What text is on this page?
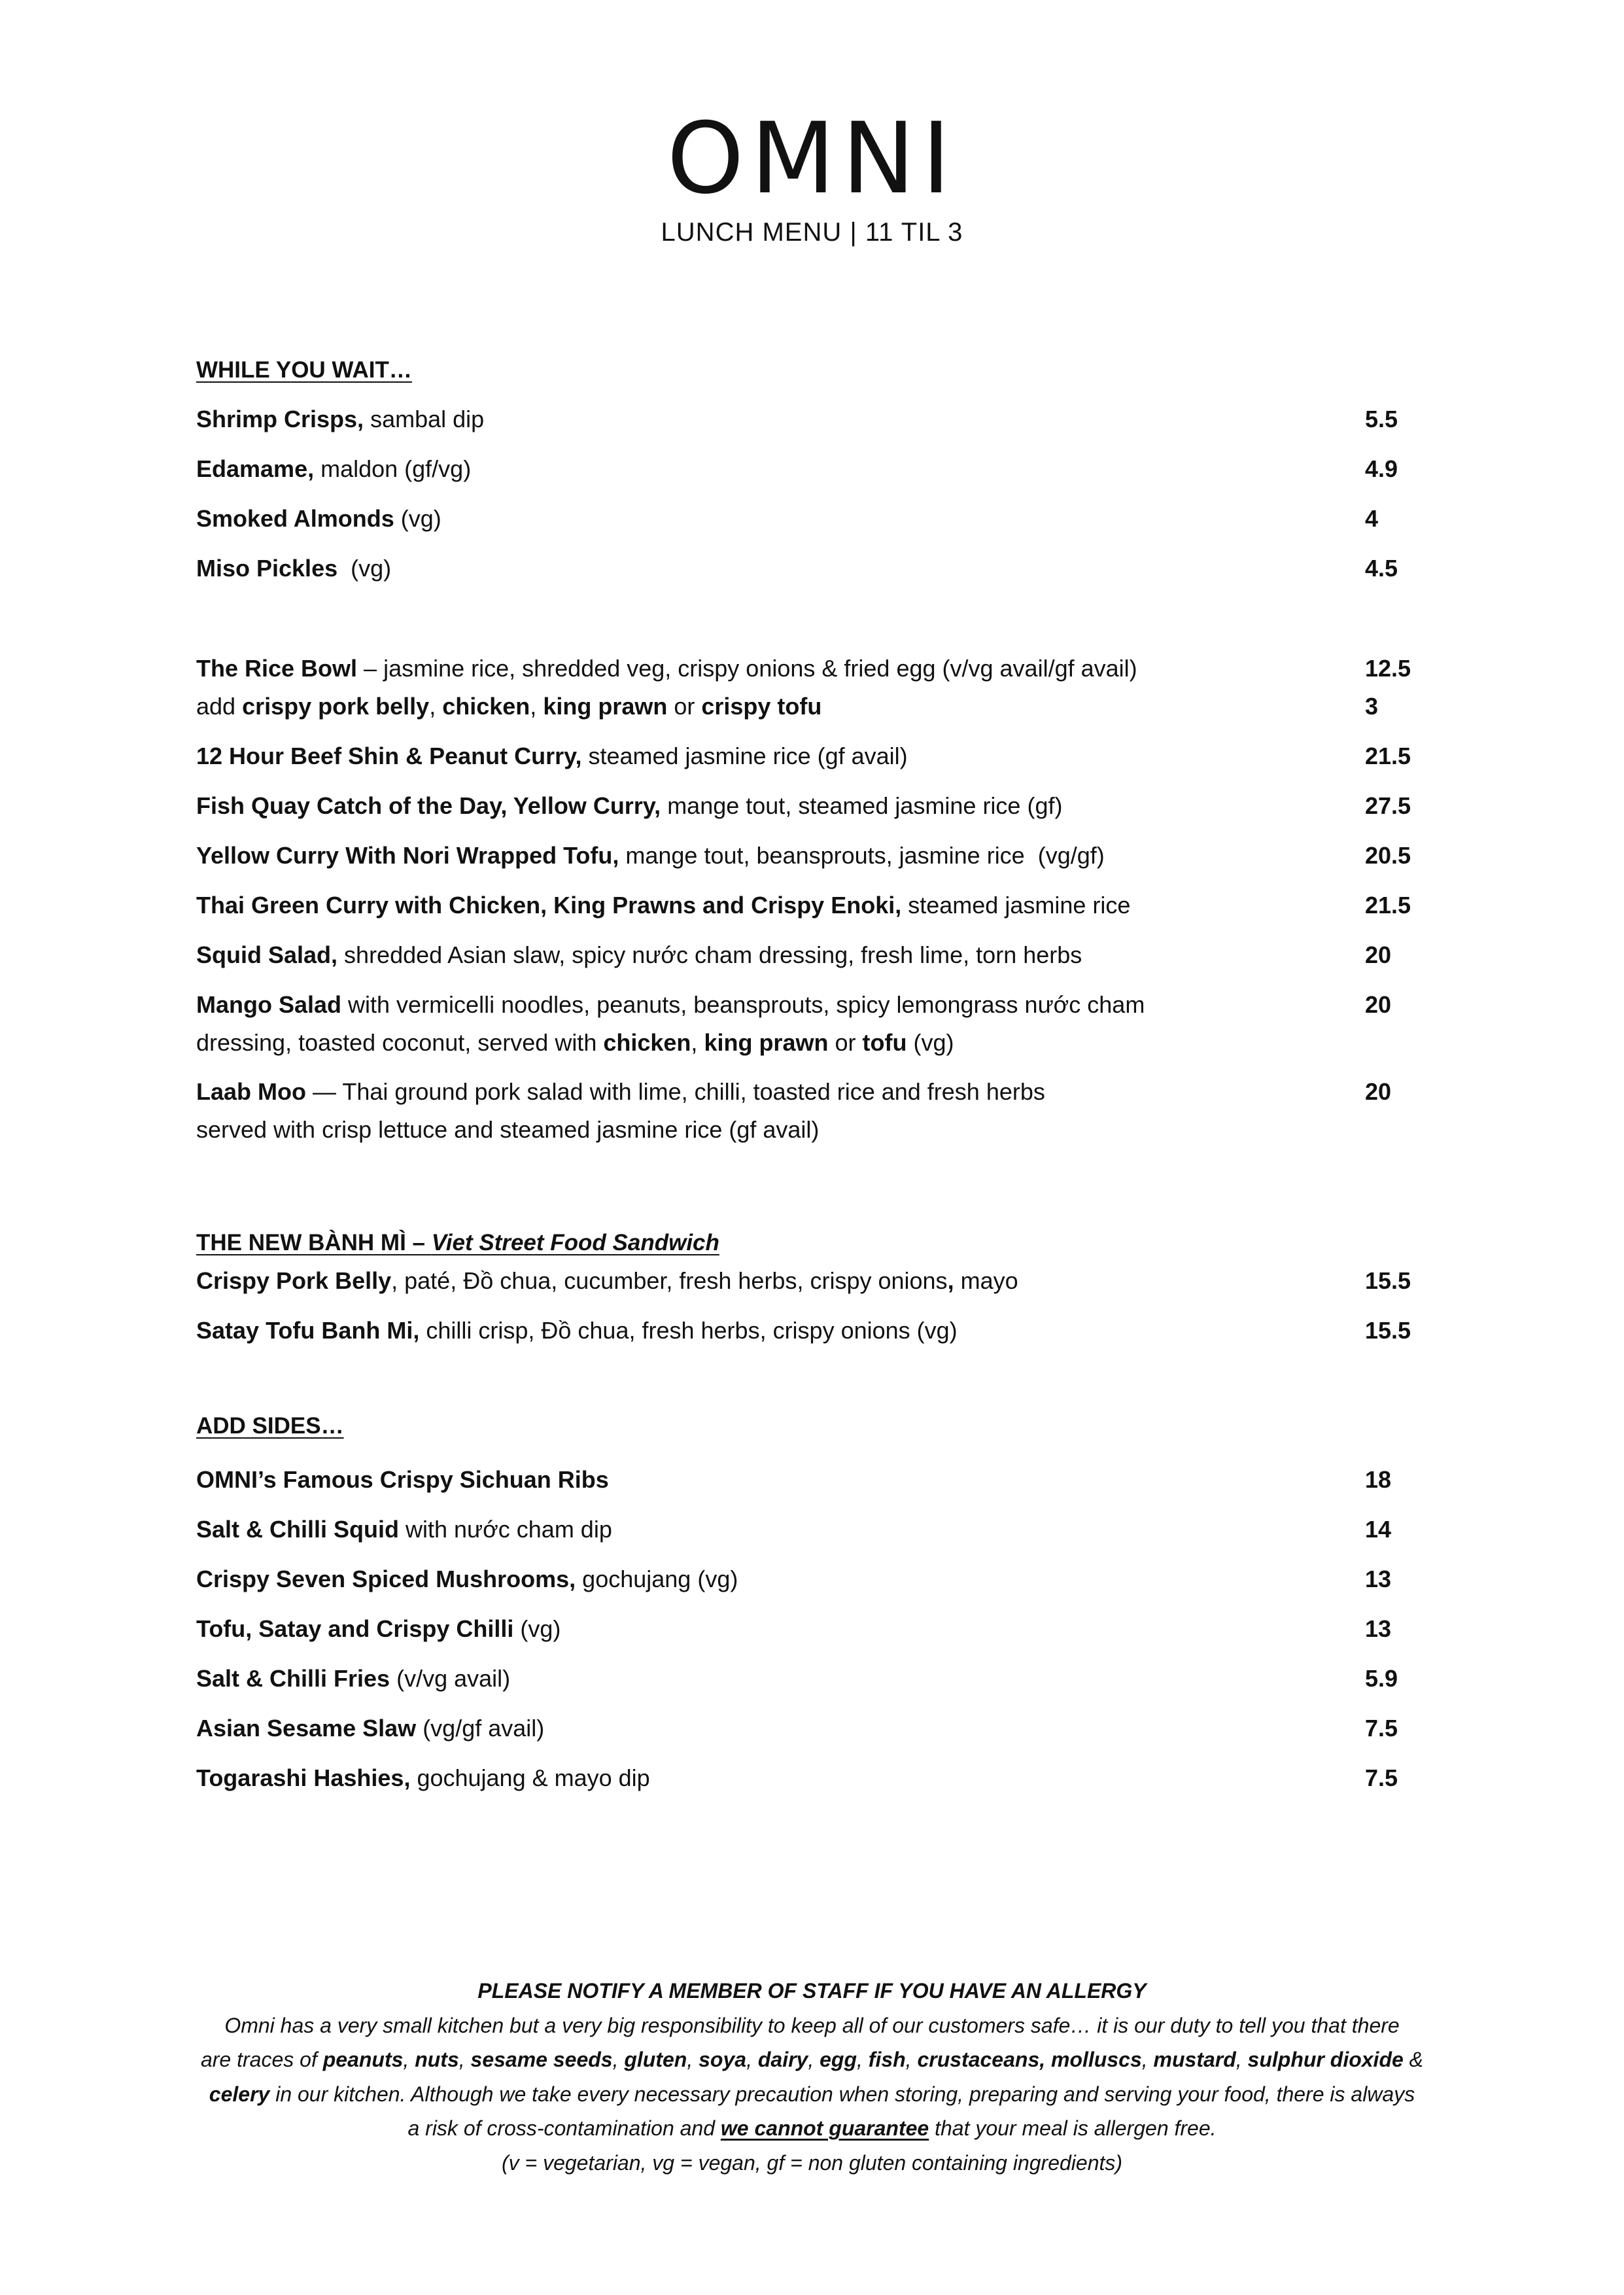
OMNI
LUNCH MENU | 11 TIL 3
WHILE YOU WAIT…
Shrimp Crisps, sambal dip	5.5
Edamame, maldon (gf/vg)	4.9
Smoked Almonds (vg)	4
Miso Pickles  (vg)	4.5
The Rice Bowl – jasmine rice, shredded veg, crispy onions & fried egg (v/vg avail/gf avail)	12.5
add crispy pork belly, chicken, king prawn or crispy tofu	3
12 Hour Beef Shin & Peanut Curry, steamed jasmine rice (gf avail)	21.5
Fish Quay Catch of the Day, Yellow Curry, mange tout, steamed jasmine rice (gf)	27.5
Yellow Curry With Nori Wrapped Tofu, mange tout, beansprouts, jasmine rice  (vg/gf)	20.5
Thai Green Curry with Chicken, King Prawns and Crispy Enoki, steamed jasmine rice	21.5
Squid Salad, shredded Asian slaw, spicy nước cham dressing, fresh lime, torn herbs	20
Mango Salad with vermicelli noodles, peanuts, beansprouts, spicy lemongrass nước cham	20
dressing, toasted coconut, served with chicken, king prawn or tofu (vg)
Laab Moo — Thai ground pork salad with lime, chilli, toasted rice and fresh herbs	20
served with crisp lettuce and steamed jasmine rice (gf avail)
THE NEW BÀNH MÌ – Viet Street Food Sandwich
Crispy Pork Belly, paté, Đồ chua, cucumber, fresh herbs, crispy onions, mayo	15.5
Satay Tofu Banh Mi, chilli crisp, Đồ chua, fresh herbs, crispy onions (vg)	15.5
ADD SIDES…
OMNI’s Famous Crispy Sichuan Ribs	18
Salt & Chilli Squid with nước cham dip	14
Crispy Seven Spiced Mushrooms, gochujang (vg)	13
Tofu, Satay and Crispy Chilli (vg)	13
Salt & Chilli Fries (v/vg avail)	5.9
Asian Sesame Slaw (vg/gf avail)	7.5
Togarashi Hashies, gochujang & mayo dip	7.5
PLEASE NOTIFY A MEMBER OF STAFF IF YOU HAVE AN ALLERGY
Omni has a very small kitchen but a very big responsibility to keep all of our customers safe… it is our duty to tell you that there
are traces of peanuts, nuts, sesame seeds, gluten, soya, dairy, egg, fish, crustaceans, molluscs, mustard, sulphur dioxide &
celery in our kitchen. Although we take every necessary precaution when storing, preparing and serving your food, there is always
a risk of cross-contamination and we cannot guarantee that your meal is allergen free.
(v = vegetarian, vg = vegan, gf = non gluten containing ingredients)
